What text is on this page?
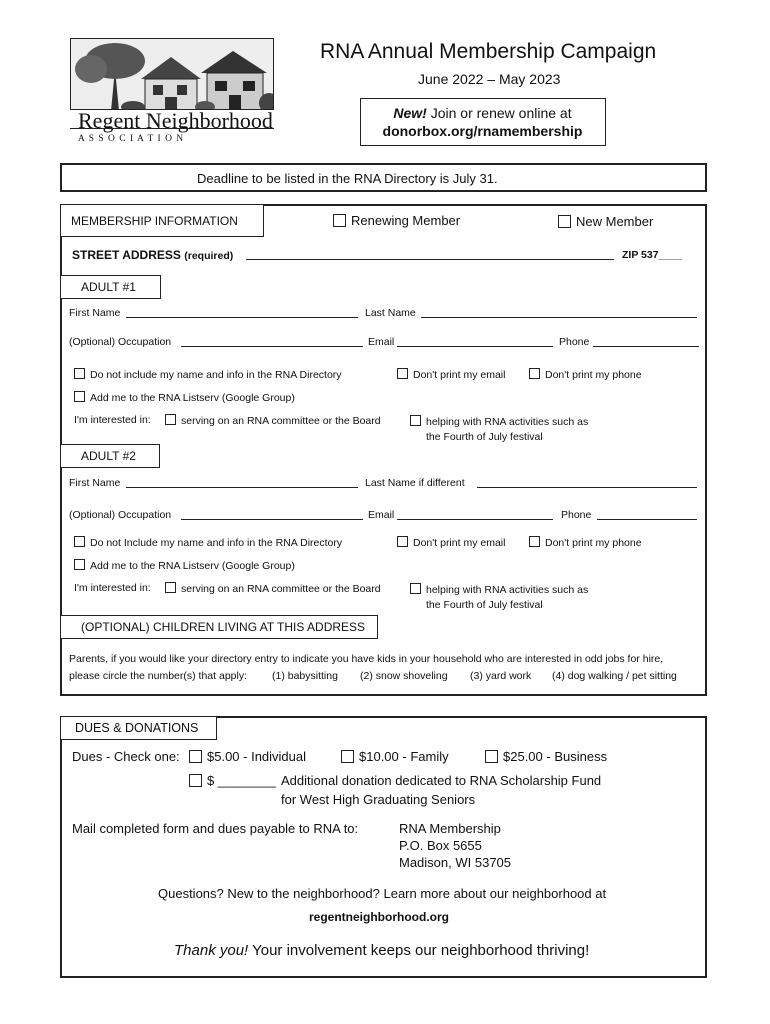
Regent Neighborhood
A S S O C I A T I O N
RNA Annual Membership Campaign
June 2022 – May 2023
New! Join or renew online at
donorbox.org/rnamembership
Deadline to be listed in the RNA Directory is July 31.
MEMBERSHIP INFORMATION	Renewing Member	New Member
STREET ADDRESS (required)	ZIP 537____
ADULT #1
First Name	Last Name
(Optional) Occupation	Email	Phone
Do not include my name and info in the RNA Directory	Don't print my email	Don't print my phone
Add me to the RNA Listserv (Google Group)
I'm interested in:	serving on an RNA committee or the Board	helping with RNA activities such as
the Fourth of July festival
ADULT #2
First Name	Last Name if different
(Optional) Occupation	Email	Phone
Do not Include my name and info in the RNA Directory	Don't print my email	Don't print my phone
Add me to the RNA Listserv (Google Group)
I'm interested in:	serving on an RNA committee or the Board	helping with RNA activities such as
the Fourth of July festival
(OPTIONAL) CHILDREN LIVING AT THIS ADDRESS
Parents, if you would like your directory entry to indicate you have kids in your household who are interested in odd jobs for hire,
please circle the number(s) that apply: (1) babysitting (2) snow shoveling (3) yard work (4) dog walking / pet sitting
DUES & DONATIONS
Dues - Check one:	$5.00 - Individual	$10.00 - Family	$25.00 - Business
$ ________ Additional donation dedicated to RNA Scholarship Fund
for West High Graduating Seniors
Mail completed form and dues payable to RNA to:	RNA Membership
P.O. Box 5655
Madison, WI 53705
Questions? New to the neighborhood? Learn more about our neighborhood at
regentneighborhood.org
Thank you! Your involvement keeps our neighborhood thriving!
